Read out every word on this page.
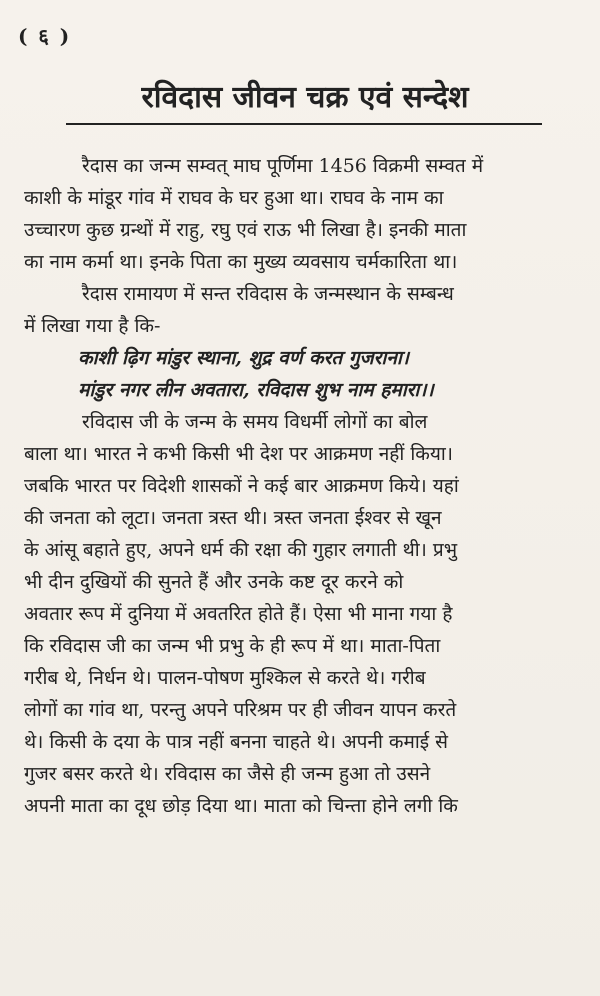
( ६ )
रविदास जीवन चक्र एवं सन्देश
रैदास का जन्म सम्वत् माघ पूर्णिमा 1456 विक्रमी सम्वत में
काशी के मांडूर गांव में राघव के घर हुआ था। राघव के नाम का
उच्चारण कुछ ग्रन्थों में राहु, रघु एवं राऊ भी लिखा है। इनकी माता
का नाम कर्मा था। इनके पिता का मुख्य व्यवसाय चर्मकारिता था।
रैदास रामायण में सन्त रविदास के जन्मस्थान के सम्बन्ध
में लिखा गया है कि-
काशी ढ़िग मांडुर स्थाना, शुद्र वर्ण करत गुजराना।
मांडुर नगर लीन अवतारा, रविदास शुभ नाम हमारा।।
रविदास जी के जन्म के समय विधर्मी लोगों का बोल
बाला था। भारत ने कभी किसी भी देश पर आक्रमण नहीं किया।
जबकि भारत पर विदेशी शासकों ने कई बार आक्रमण किये। यहां
की जनता को लूटा। जनता त्रस्त थी। त्रस्त जनता ईश्वर से खून
के आंसू बहाते हुए, अपने धर्म की रक्षा की गुहार लगाती थी। प्रभु
भी दीन दुखियों की सुनते हैं और उनके कष्ट दूर करने को
अवतार रूप में दुनिया में अवतरित होते हैं। ऐसा भी माना गया है
कि रविदास जी का जन्म भी प्रभु के ही रूप में था। माता-पिता
गरीब थे, निर्धन थे। पालन-पोषण मुश्किल से करते थे। गरीब
लोगों का गांव था, परन्तु अपने परिश्रम पर ही जीवन यापन करते
थे। किसी के दया के पात्र नहीं बनना चाहते थे। अपनी कमाई से
गुजर बसर करते थे। रविदास का जैसे ही जन्म हुआ तो उसने
अपनी माता का दूध छोड़ दिया था। माता को चिन्ता होने लगी कि
